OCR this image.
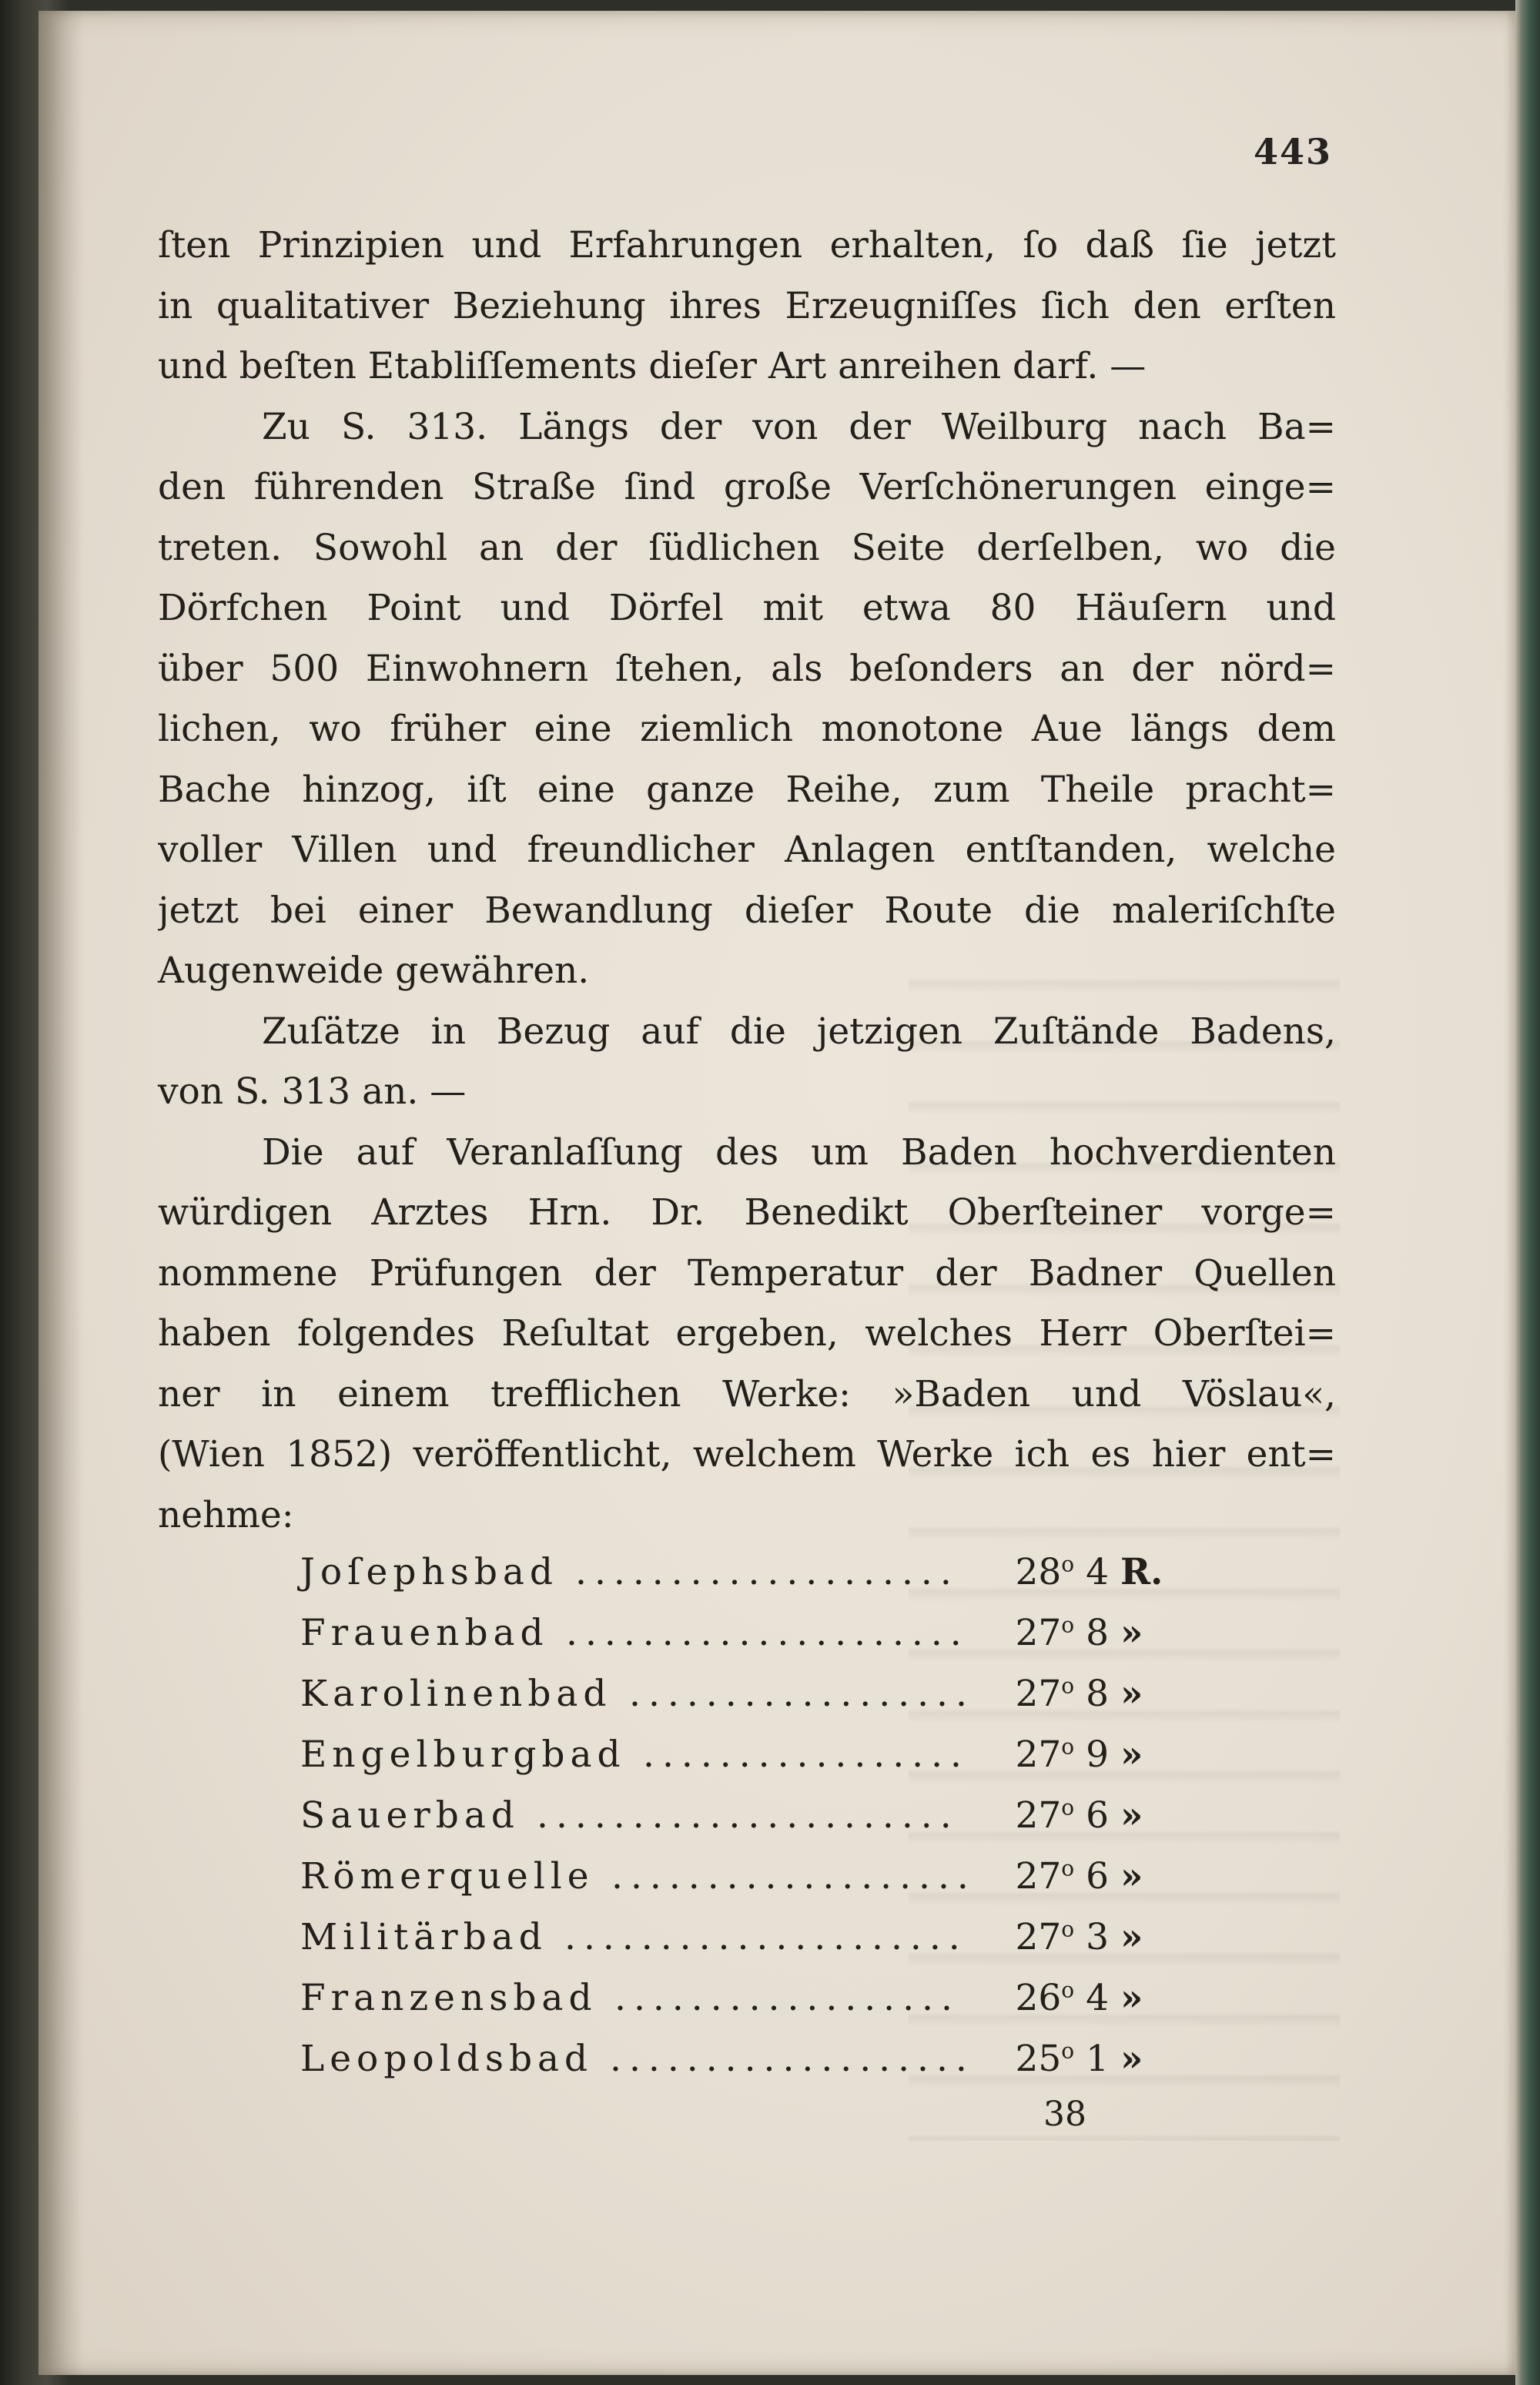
443
ſten Prinzipien und Erfahrungen erhalten, ſo daß ſie jetzt
in qualitativer Beziehung ihres Erzeugniſſes ſich den erſten
und beſten Etabliſſements dieſer Art anreihen darf. —
Zu S. 313. Längs der von der Weilburg nach Ba=
den führenden Straße ſind große Verſchönerungen einge=
treten. Sowohl an der ſüdlichen Seite derſelben, wo die
Dörfchen Point und Dörfel mit etwa 80 Häuſern und
über 500 Einwohnern ſtehen, als beſonders an der nörd=
lichen, wo früher eine ziemlich monotone Aue längs dem
Bache hinzog, iſt eine ganze Reihe, zum Theile pracht=
voller Villen und freundlicher Anlagen entſtanden, welche
jetzt bei einer Bewandlung dieſer Route die maleriſchſte
Augenweide gewähren.
Zuſätze in Bezug auf die jetzigen Zuſtände Badens,
von S. 313 an. —
Die auf Veranlaſſung des um Baden hochverdienten
würdigen Arztes Hrn. Dr. Benedikt Oberſteiner vorge=
nommene Prüfungen der Temperatur der Badner Quellen
haben folgendes Reſultat ergeben, welches Herr Oberſtei=
ner in einem trefflichen Werke: »Baden und Vöslau«,
(Wien 1852) veröffentlicht, welchem Werke ich es hier ent=
nehme:
Joſephsbad ....................	28$^o$ 4 R.
Frauenbad .....................	27$^o$ 8 »
Karolinenbad ..................	27$^o$ 8 »
Engelburgbad .................	27$^o$ 9 »
Sauerbad ......................	27$^o$ 6 »
Römerquelle ...................	27$^o$ 6 »
Militärbad .....................	27$^o$ 3 »
Franzensbad ..................	26$^o$ 4 »
Leopoldsbad ...................	25$^o$ 1 »
38
